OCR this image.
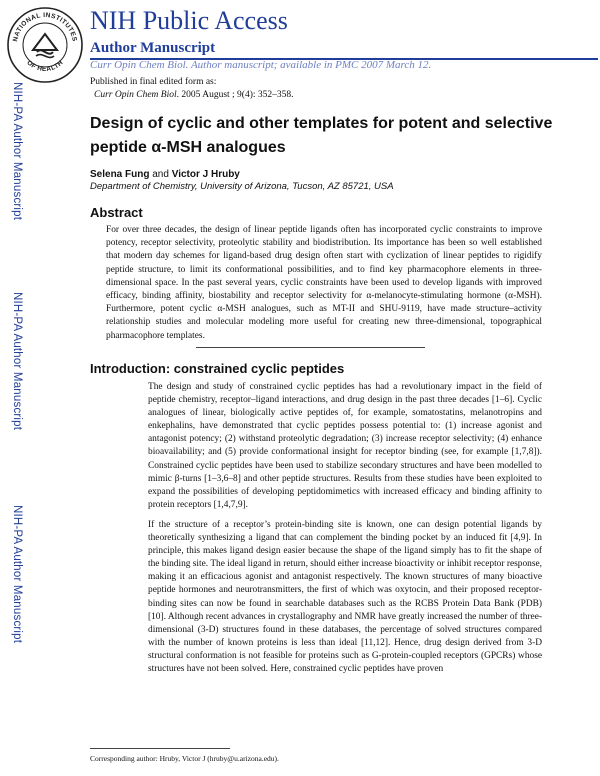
NATIONAL INSTITUTES
OF HEALTH
NIH Public Access
Author Manuscript
Curr Opin Chem Biol. Author manuscript; available in PMC 2007 March 12.
Published in final edited form as:
Curr Opin Chem Biol. 2005 August ; 9(4): 352–358.
NIH-PA Author Manuscript
NIH-PA Author Manuscript
NIH-PA Author Manuscript
Design of cyclic and other templates for potent and selective peptide α-MSH analogues
Selena Fung and Victor J Hruby
Department of Chemistry, University of Arizona, Tucson, AZ 85721, USA
Abstract
For over three decades, the design of linear peptide ligands often has incorporated cyclic constraints to improve potency, receptor selectivity, proteolytic stability and biodistribution. Its importance has been so well established that modern day schemes for ligand-based drug design often start with cyclization of linear peptides to rigidify peptide structure, to limit its conformational possibilities, and to find key pharmacophore elements in three-dimensional space. In the past several years, cyclic constraints have been used to develop ligands with improved efficacy, binding affinity, biostability and receptor selectivity for α-melanocyte-stimulating hormone (α-MSH). Furthermore, potent cyclic α-MSH analogues, such as MT-II and SHU-9119, have made structure–activity relationship studies and molecular modeling more useful for creating new three-dimensional, topographical pharmacophore templates.
Introduction: constrained cyclic peptides
The design and study of constrained cyclic peptides has had a revolutionary impact in the field of peptide chemistry, receptor–ligand interactions, and drug design in the past three decades [1–6]. Cyclic analogues of linear, biologically active peptides of, for example, somatostatins, melanotropins and enkephalins, have demonstrated that cyclic peptides possess potential to: (1) increase agonist and antagonist potency; (2) withstand proteolytic degradation; (3) increase receptor selectivity; (4) enhance bioavailability; and (5) provide conformational insight for receptor binding (see, for example [1,7,8]). Constrained cyclic peptides have been used to stabilize secondary structures and have been modelled to mimic β-turns [1–3,6–8] and other peptide structures. Results from these studies have been exploited to expand the possibilities of developing peptidomimetics with increased efficacy and binding affinity to protein receptors [1,4,7,9].
If the structure of a receptor’s protein-binding site is known, one can design potential ligands by theoretically synthesizing a ligand that can complement the binding pocket by an induced fit [4,9]. In principle, this makes ligand design easier because the shape of the ligand simply has to fit the shape of the binding site. The ideal ligand in return, should either increase bioactivity or inhibit receptor response, making it an efficacious agonist and antagonist respectively. The known structures of many bioactive peptide hormones and neurotransmitters, the first of which was oxytocin, and their proposed receptor-binding sites can now be found in searchable databases such as the RCBS Protein Data Bank (PDB) [10]. Although recent advances in crystallography and NMR have greatly increased the number of three-dimensional (3-D) structures found in these databases, the percentage of solved structures compared with the number of known proteins is less than ideal [11,12]. Hence, drug design derived from 3-D structural conformation is not feasible for proteins such as G-protein-coupled receptors (GPCRs) whose structures have not been solved. Here, constrained cyclic peptides have proven
Corresponding author: Hruby, Victor J (hruby@u.arizona.edu).
